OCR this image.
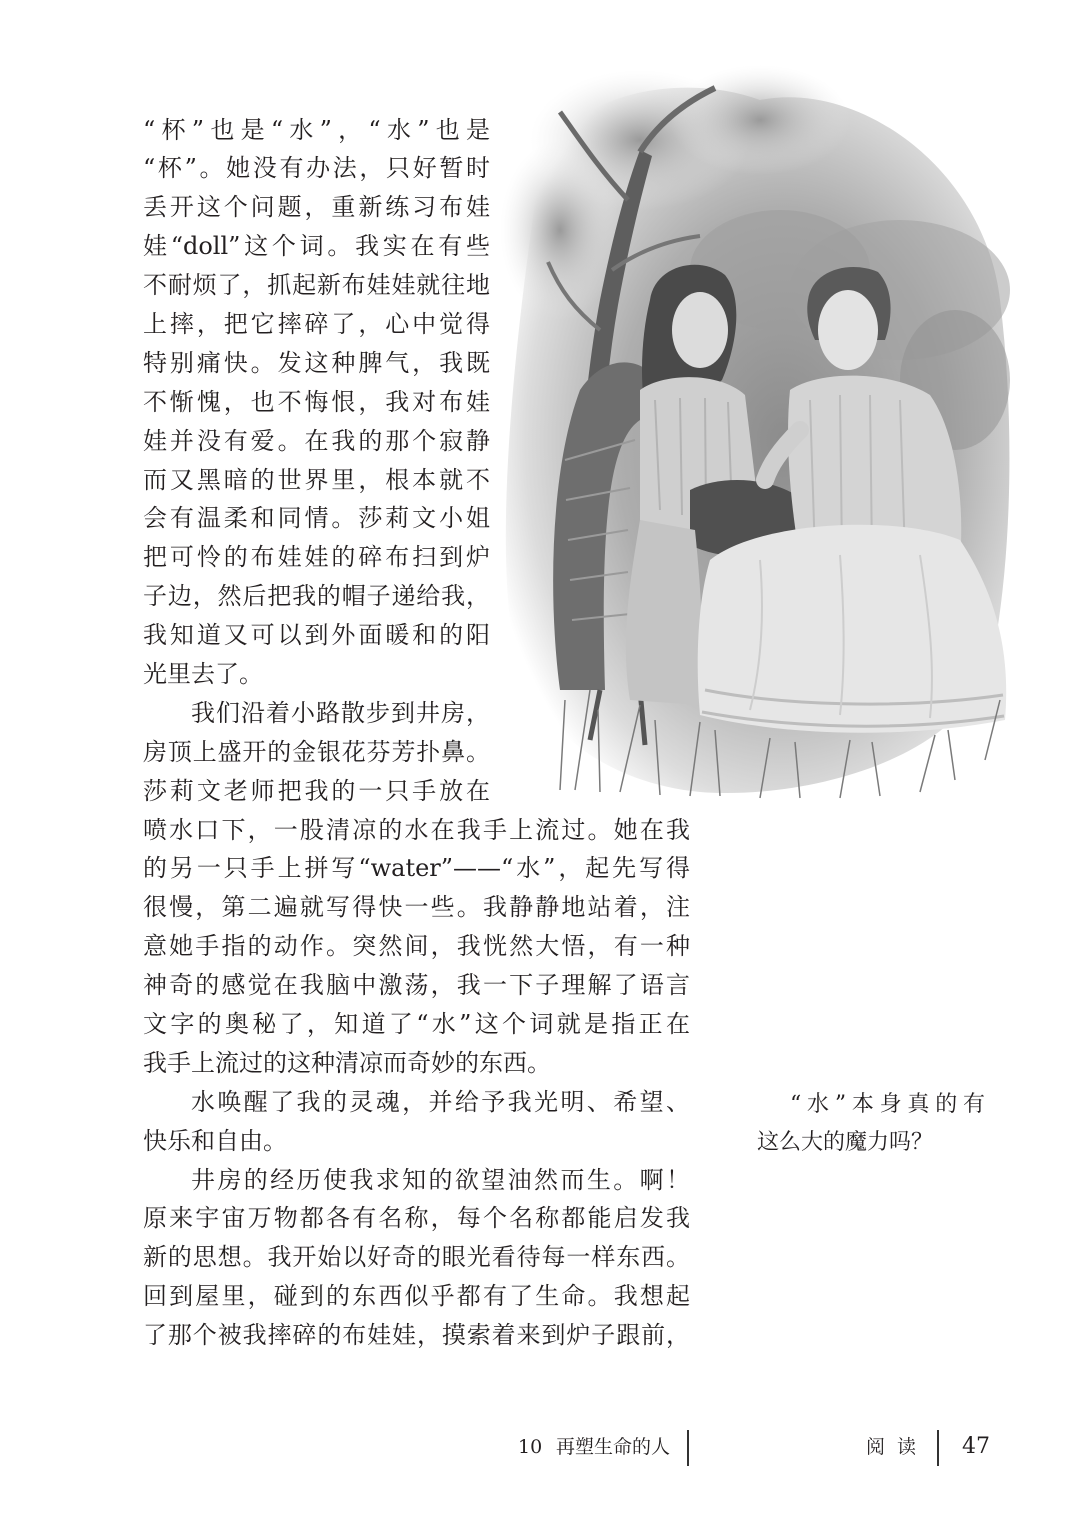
“杯”也是“水”，“水”也是
“杯”。她没有办法，只好暂时
丢开这个问题，重新练习布娃
娃“doll”这个词。我实在有些
不耐烦了，抓起新布娃娃就往地
上摔，把它摔碎了，心中觉得
特别痛快。发这种脾气，我既
不惭愧，也不悔恨，我对布娃
娃并没有爱。在我的那个寂静
而又黑暗的世界里，根本就不
会有温柔和同情。莎莉文小姐
把可怜的布娃娃的碎布扫到炉
子边，然后把我的帽子递给我，
我知道又可以到外面暖和的阳
光里去了。
我们沿着小路散步到井房，
房顶上盛开的金银花芬芳扑鼻。
莎莉文老师把我的一只手放在
喷水口下，一股清凉的水在我手上流过。她在我
的另一只手上拼写“water”——“水”，起先写得
很慢，第二遍就写得快一些。我静静地站着，注
意她手指的动作。突然间，我恍然大悟，有一种
神奇的感觉在我脑中激荡，我一下子理解了语言
文字的奥秘了，知道了“水”这个词就是指正在
我手上流过的这种清凉而奇妙的东西。
水唤醒了我的灵魂，并给予我光明、希望、
快乐和自由。
井房的经历使我求知的欲望油然而生。啊！
原来宇宙万物都各有名称，每个名称都能启发我
新的思想。我开始以好奇的眼光看待每一样东西。
回到屋里，碰到的东西似乎都有了生命。我想起
了那个被我摔碎的布娃娃，摸索着来到炉子跟前，
“水”本身真的有
这么大的魔力吗？
10 再塑生命的人	阅读 47
